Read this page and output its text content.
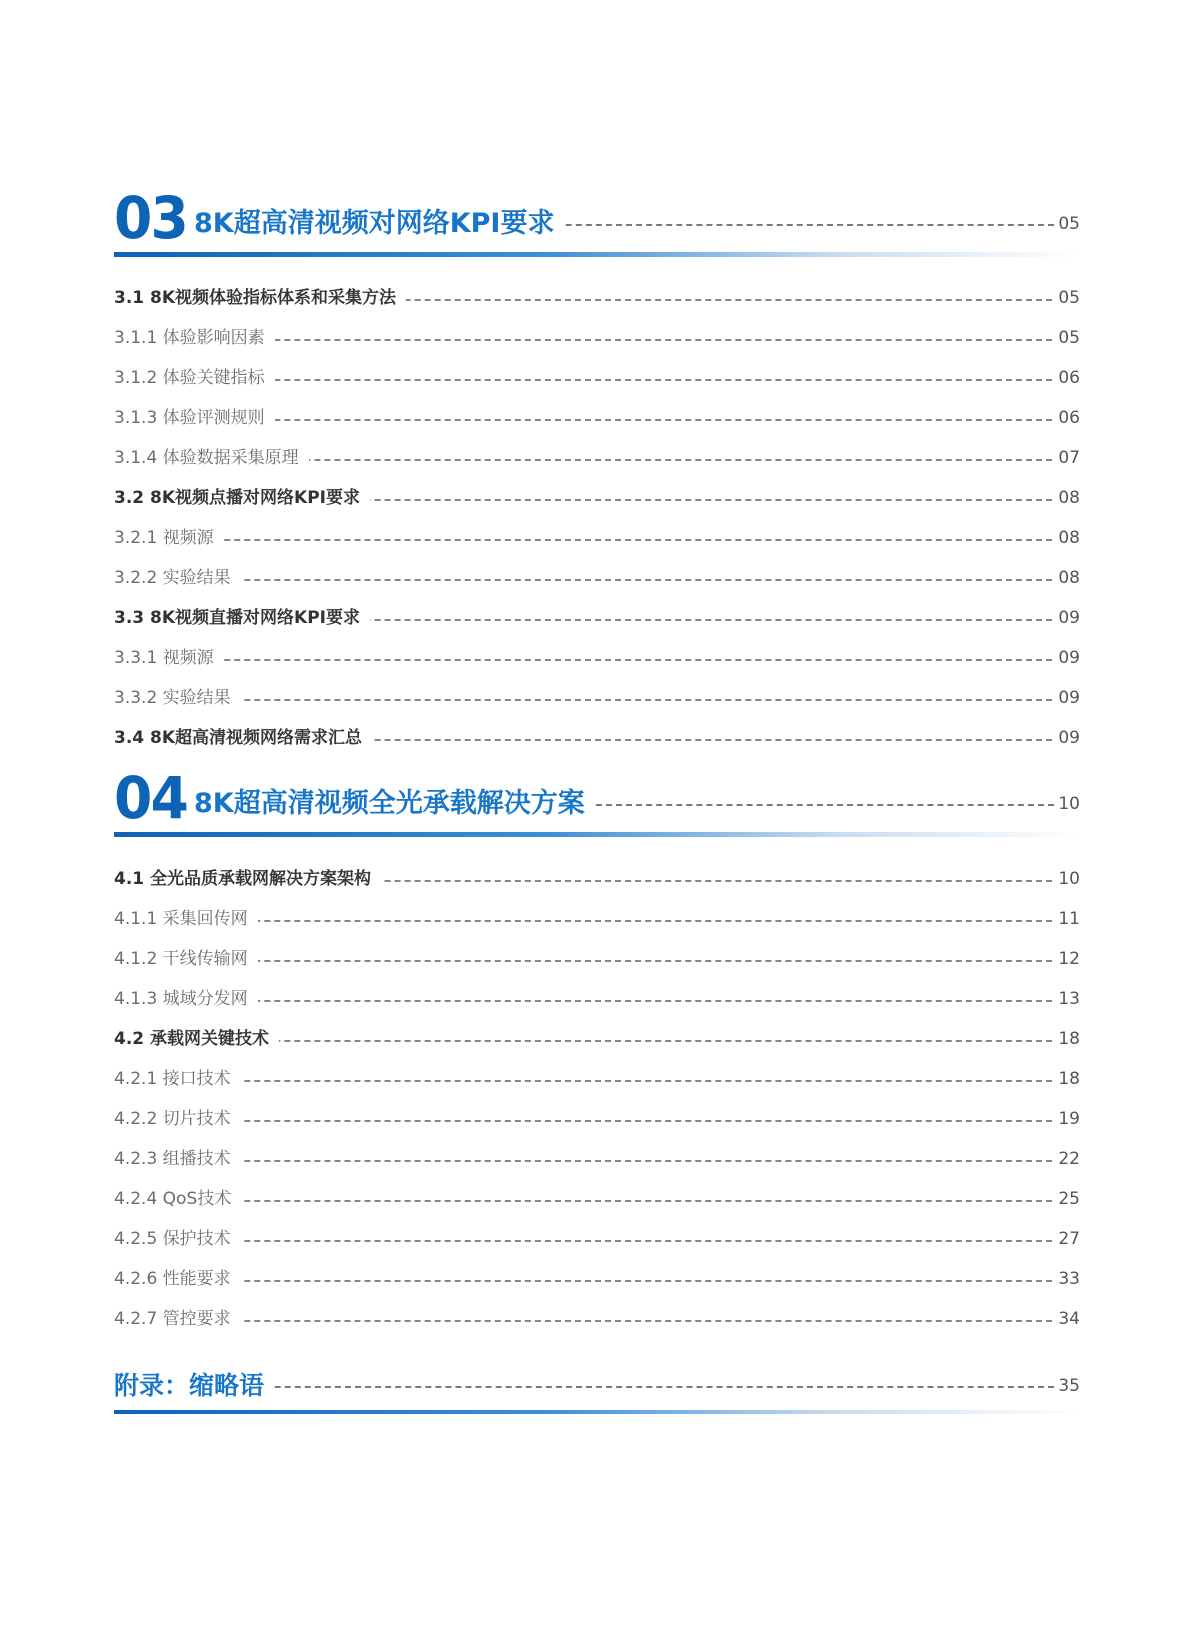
03 8K超高清视频对网络KPI要求	05
3.1 8K视频体验指标体系和采集方法	05
3.1.1 体验影响因素	05
3.1.2 体验关键指标	06
3.1.3 体验评测规则	06
3.1.4 体验数据采集原理	07
3.2 8K视频点播对网络KPI要求	08
3.2.1 视频源	08
3.2.2 实验结果	08
3.3 8K视频直播对网络KPI要求	09
3.3.1 视频源	09
3.3.2 实验结果	09
3.4 8K超高清视频网络需求汇总	09
04 8K超高清视频全光承载解决方案	10
4.1 全光品质承载网解决方案架构	10
4.1.1 采集回传网	11
4.1.2 干线传输网	12
4.1.3 城域分发网	13
4.2 承载网关键技术	18
4.2.1 接口技术	18
4.2.2 切片技术	19
4.2.3 组播技术	22
4.2.4 QoS技术	25
4.2.5 保护技术	27
4.2.6 性能要求	33
4.2.7 管控要求	34
附录：缩略语	35
